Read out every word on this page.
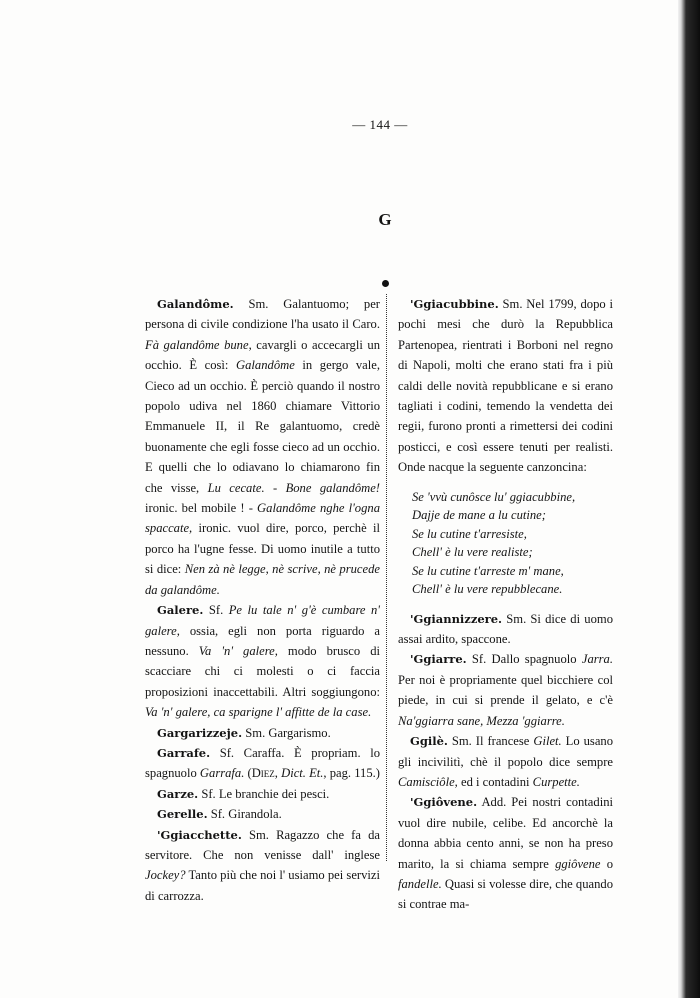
— 144 —
G

Galandôme. Sm. Galantuomo; per persona di civile condizione l'ha usato il Caro. Fà galandôme bune, cavargli o accecargli un occhio. È così: Galandôme in gergo vale, Cieco ad un occhio. È perciò quando il nostro popolo udiva nel 1860 chiamare Vittorio Emmanuele II, il Re galantuomo, credè buonamente che egli fosse cieco ad un occhio. E quelli che lo odiavano lo chiamarono fin che visse, Lu cecate. - Bone galandôme! ironic. bel mobile ! - Galandôme nghe l'ogna spaccate, ironic. vuol dire, porco, perchè il porco ha l'ugne fesse. Di uomo inutile a tutto si dice: Nen zà nè legge, nè scrive, nè prucede da galandôme.

Galere. Sf. Pe lu tale n' g'è cumbare n' galere, ossia, egli non porta riguardo a nessuno. Va 'n' galere, modo brusco di scacciare chi ci molesti o ci faccia proposizioni inaccettabili. Altri soggiungono: Va 'n' galere, ca sparigne l' affitte de la case.

Gargarizzeje. Sm. Gargarismo.

Garrafe. Sf. Caraffa. È propriam. lo spagnuolo Garrafa. (Diez, Dict. Et., pag. 115.)

Garze. Sf. Le branchie dei pesci.

Gerelle. Sf. Girandola.

'Ggiacchette. Sm. Ragazzo che fa da servitore. Che non venisse dall' inglese Jockey? Tanto più che noi l' usiamo pei servizi di carrozza.

'Ggiacubbine. Sm. Nel 1799, dopo i pochi mesi che durò la Repubblica Partenopea, rientrati i Borboni nel regno di Napoli, molti che erano stati fra i più caldi delle novità repubblicane e si erano tagliati i codini, temendo la vendetta dei regii, furono pronti a rimettersi dei codini posticci, e così essere tenuti per realisti. Onde nacque la seguente canzoncina:

Se 'vvù cunôsce lu' ggiacubbine,
Dajje de mane a lu cutine;
Se lu cutine t'arresiste,
Chell' è lu vere realiste;
Se lu cutine t'arreste m' mane,
Chell' è lu vere repubblecane.

'Ggiannizzere. Sm. Si dice di uomo assai ardito, spaccone.

'Ggiarre. Sf. Dallo spagnuolo Jarra. Per noi è propriamente quel bicchiere col piede, in cui si prende il gelato, e c'è Na'ggiarra sane, Mezza 'ggiarre.

Ggilè. Sm. Il francese Gilet. Lo usano gli incivilitì, chè il popolo dice sempre Camisciôle, ed i contadini Curpette.

'Ggiôvene. Add. Pei nostri contadini vuol dire nubile, celibe. Ed ancorchè la donna abbia cento anni, se non ha preso marito, la si chiama sempre ggiôvene o fandelle. Quasi si volesse dire, che quando si contrae ma-
